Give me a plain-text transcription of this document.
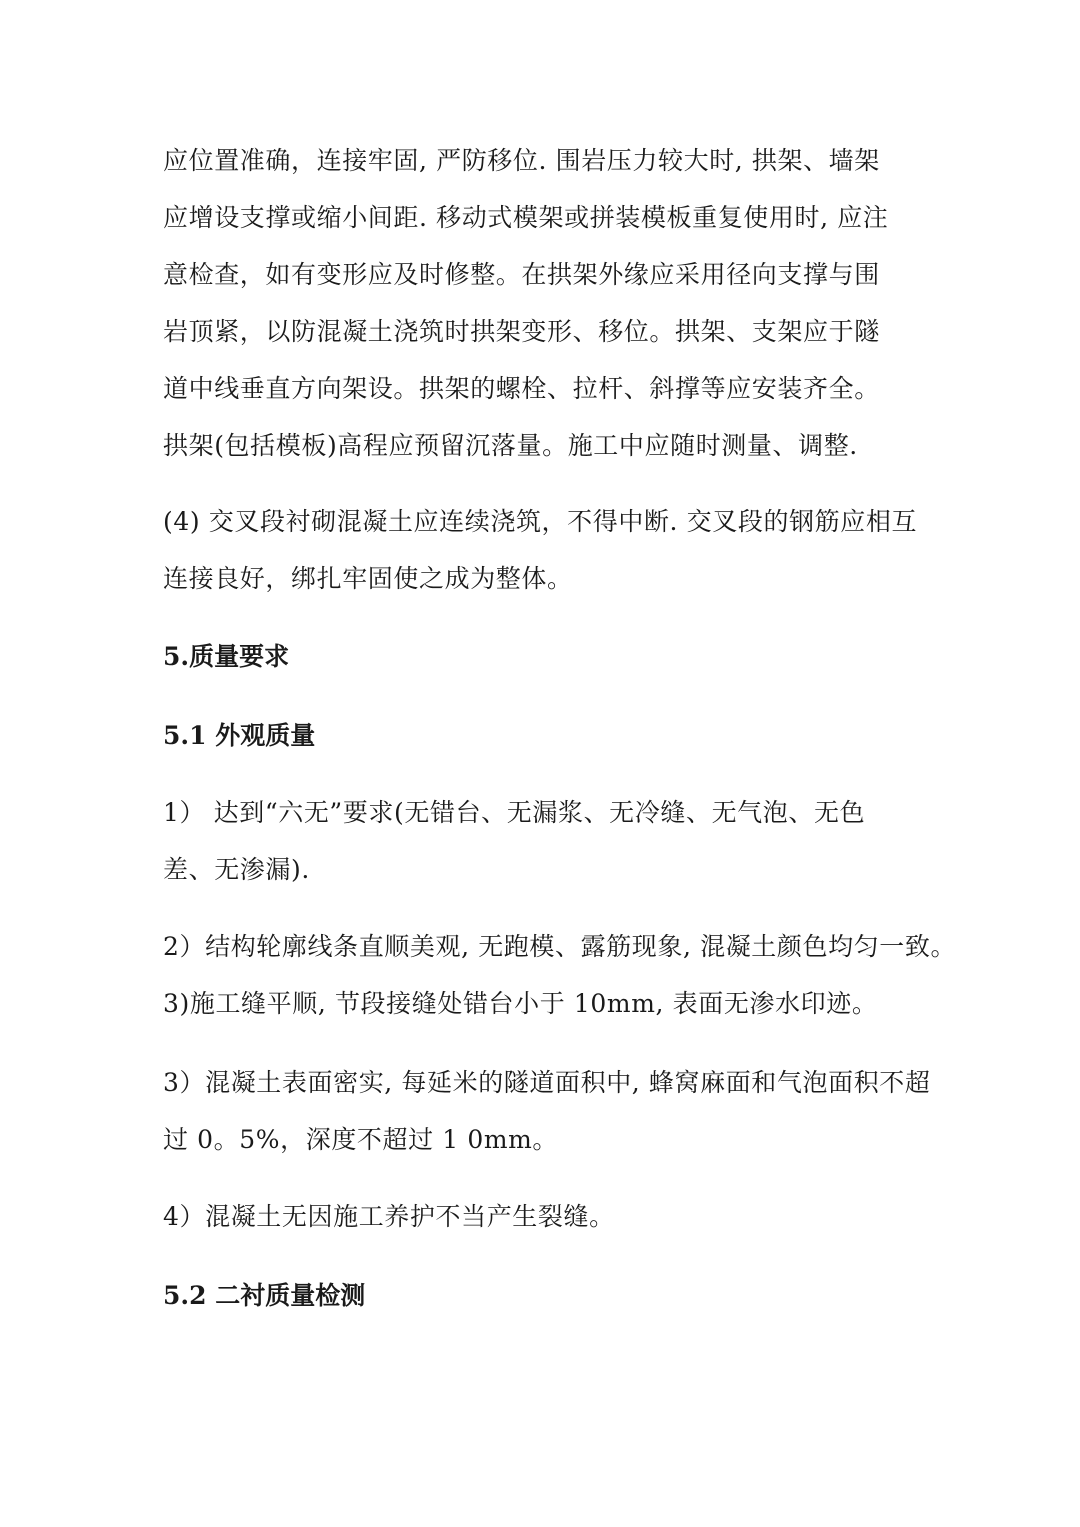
应位置准确，连接牢固, 严防移位. 围岩压力较大时, 拱架、墙架
应增设支撑或缩小间距. 移动式模架或拼装模板重复使用时, 应注
意检查，如有变形应及时修整。在拱架外缘应采用径向支撑与围
岩顶紧，以防混凝土浇筑时拱架变形、移位。拱架、支架应于隧
道中线垂直方向架设。拱架的螺栓、拉杆、斜撑等应安装齐全。
拱架(包括模板)高程应预留沉落量。施工中应随时测量、调整.
(4) 交叉段衬砌混凝土应连续浇筑，不得中断. 交叉段的钢筋应相互
连接良好，绑扎牢固使之成为整体。
5.质量要求
5.1 外观质量
1） 达到“六无”要求(无错台、无漏浆、无冷缝、无气泡、无色
差、无渗漏).
2）结构轮廓线条直顺美观, 无跑模、露筋现象, 混凝土颜色均匀一致。
3)施工缝平顺, 节段接缝处错台小于 10mm, 表面无渗水印迹。
3）混凝土表面密实, 每延米的隧道面积中, 蜂窝麻面和气泡面积不超
过 0。5%，深度不超过 1 0mm。
4）混凝土无因施工养护不当产生裂缝。
5.2 二衬质量检测
